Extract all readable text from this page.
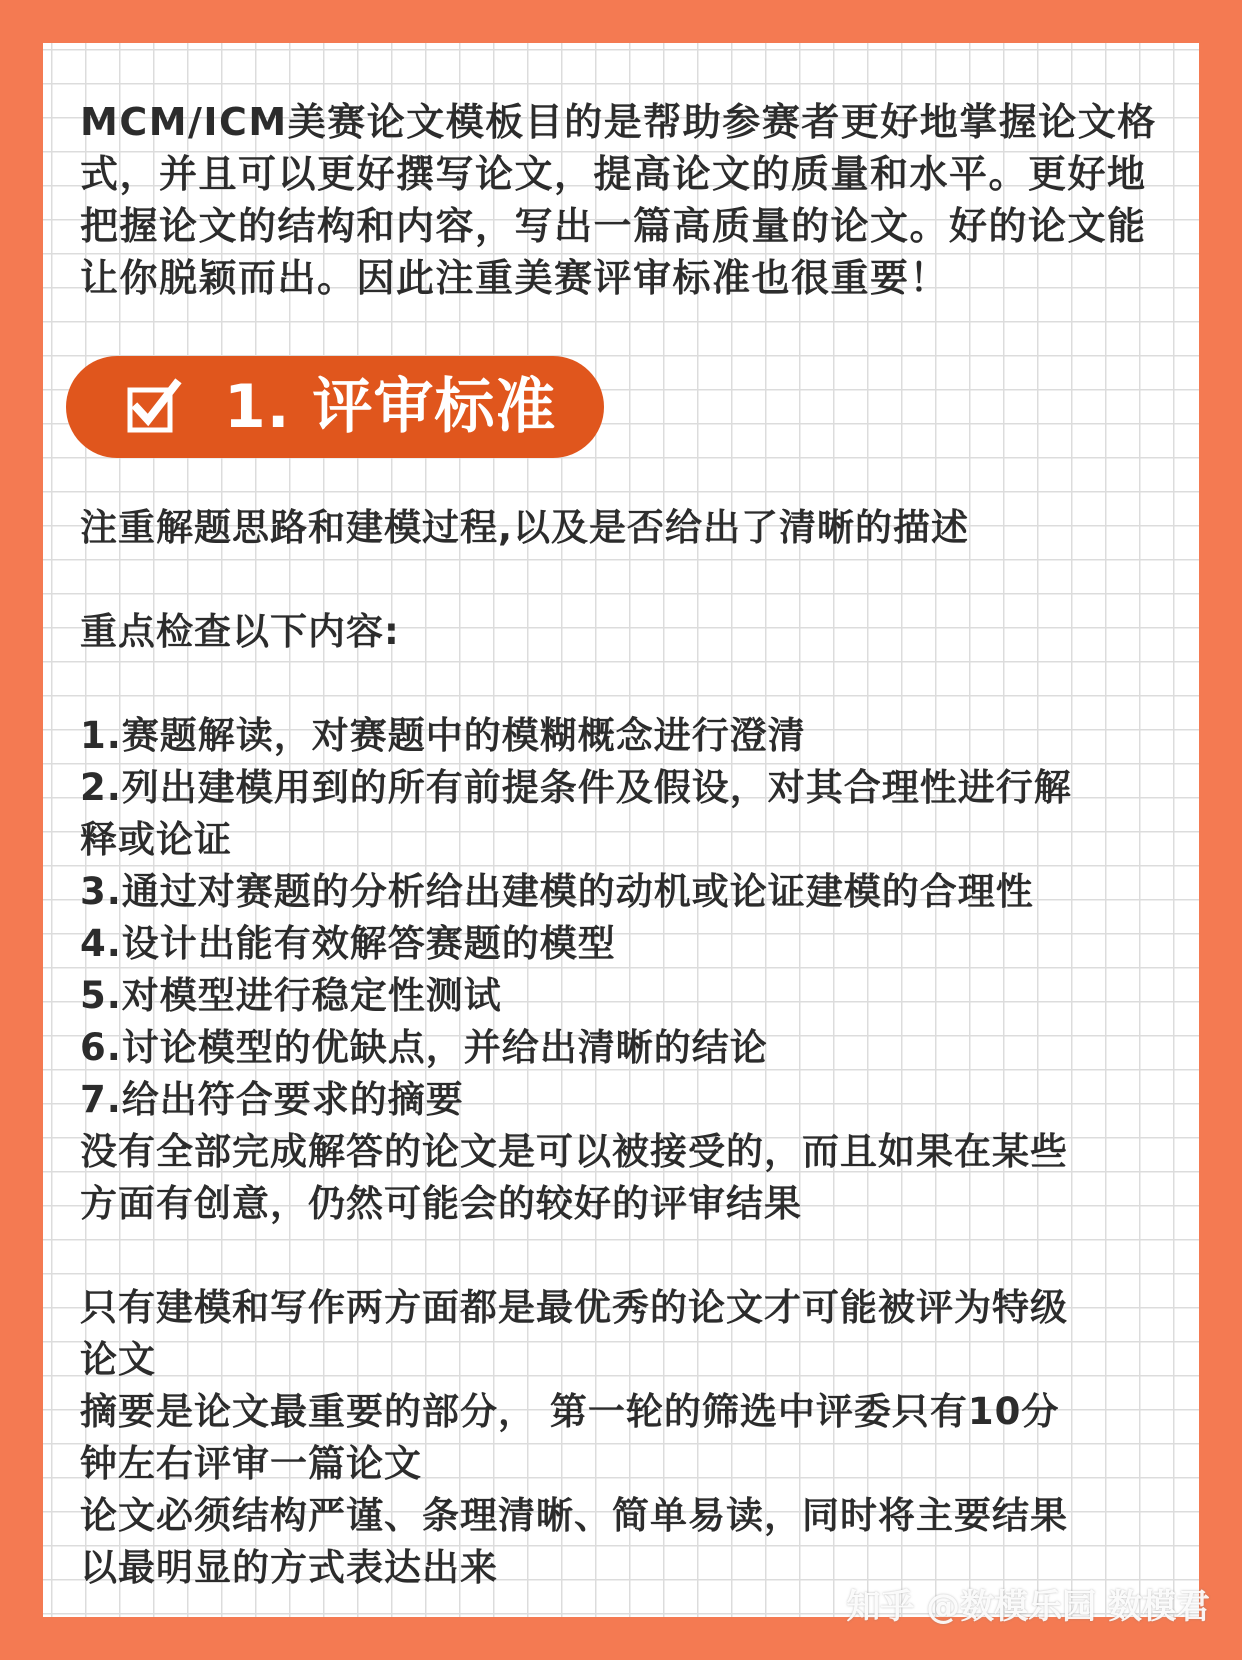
MCM/ICM美赛论文模板目的是帮助参赛者更好地掌握论文格式，并且可以更好撰写论文，提高论文的质量和水平。更好地把握论文的结构和内容，写出一篇高质量的论文。好的论文能让你脱颖而出。因此注重美赛评审标准也很重要！

1. 评审标准
注重解题思路和建模过程,以及是否给出了清晰的描述
重点检查以下内容:
1.赛题解读，对赛题中的模糊概念进行澄清
2.列出建模用到的所有前提条件及假设，对其合理性进行解
释或论证
3.通过对赛题的分析给出建模的动机或论证建模的合理性
4.设计出能有效解答赛题的模型
5.对模型进行稳定性测试
6.讨论模型的优缺点，并给出清晰的结论
7.给出符合要求的摘要
没有全部完成解答的论文是可以被接受的，而且如果在某些
方面有创意，仍然可能会的较好的评审结果
只有建模和写作两方面都是最优秀的论文才可能被评为特级
论文
摘要是论文最重要的部分， 第一轮的筛选中评委只有10分
钟左右评审一篇论文
论文必须结构严谨、条理清晰、简单易读，同时将主要结果
以最明显的方式表达出来
知乎 @数模乐园 数模君
